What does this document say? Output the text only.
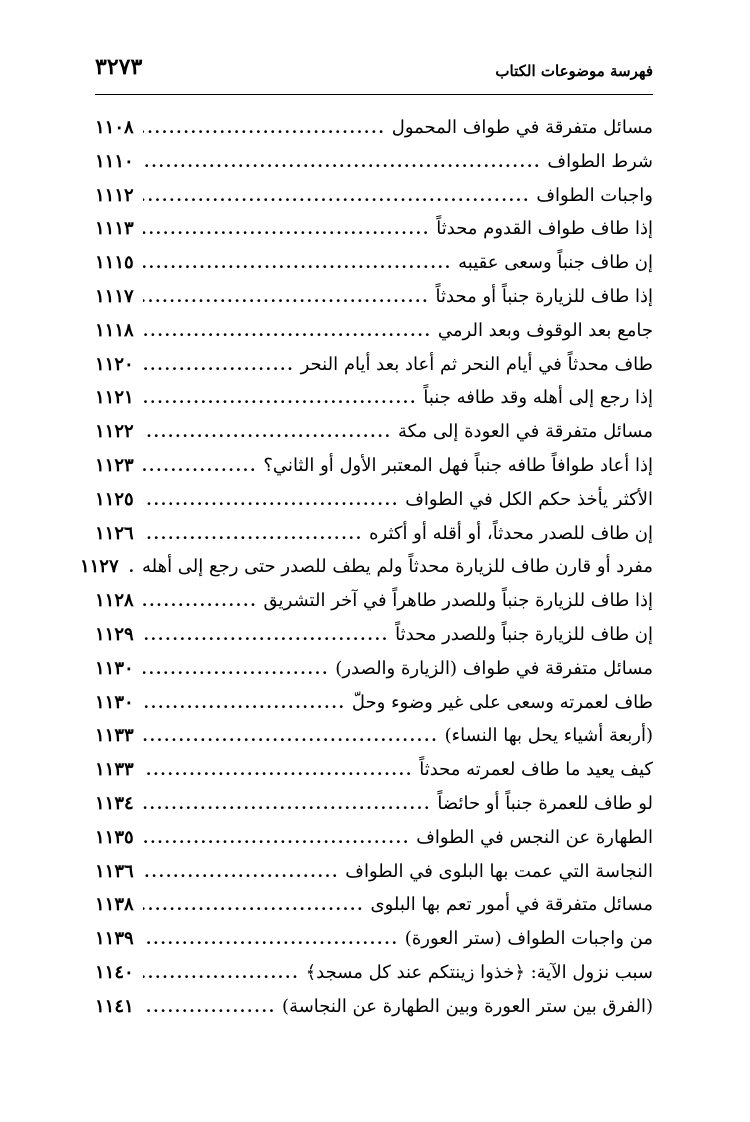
فهرسة موضوعات الكتاب
٣٢٧٣
مسائل متفرقة في طواف المحمول
.....
١١٠٨
شرط الطواف
.....
١١١٠
واجبات الطواف
.....
١١١٢
إذا طاف طواف القدوم محدثاً
.....
١١١٣
إن طاف جنباً وسعى عقيبه
.....
١١١٥
إذا طاف للزيارة جنباً أو محدثاً
.....
١١١٧
جامع بعد الوقوف وبعد الرمي
.....
١١١٨
طاف محدثاً في أيام النحر ثم أعاد بعد أيام النحر
.....
١١٢٠
إذا رجع إلى أهله وقد طافه جنباً
.....
١١٢١
مسائل متفرقة في العودة إلى مكة
.....
١١٢٢
إذا أعاد طوافاً طافه جنباً فهل المعتبر الأول أو الثاني؟
.....
١١٢٣
الأكثر يأخذ حكم الكل في الطواف
.....
١١٢٥
إن طاف للصدر محدثاً، أو أقله أو أكثره
.....
١١٢٦
مفرد أو قارن طاف للزيارة محدثاً ولم يطف للصدر حتى رجع إلى أهله
.....
١١٢٧
إذا طاف للزيارة جنباً وللصدر طاهراً في آخر التشريق
.....
١١٢٨
إن طاف للزيارة جنباً وللصدر محدثاً
.....
١١٢٩
مسائل متفرقة في طواف (الزيارة والصدر)
.....
١١٣٠
طاف لعمرته وسعى على غير وضوء وحلّ
.....
١١٣٠
(أربعة أشياء يحل بها النساء)
.....
١١٣٣
كيف يعيد ما طاف لعمرته محدثاً
.....
١١٣٣
لو طاف للعمرة جنباً أو حائضاً
.....
١١٣٤
الطهارة عن النجس في الطواف
.....
١١٣٥
النجاسة التي عمت بها البلوى في الطواف
.....
١١٣٦
مسائل متفرقة في أمور تعم بها البلوى
.....
١١٣٨
من واجبات الطواف (ستر العورة)
.....
١١٣٩
سبب نزول الآية: ﴿خذوا زينتكم عند كل مسجد﴾
.....
١١٤٠
(الفرق بين ستر العورة وبين الطهارة عن النجاسة)
.....
١١٤١
